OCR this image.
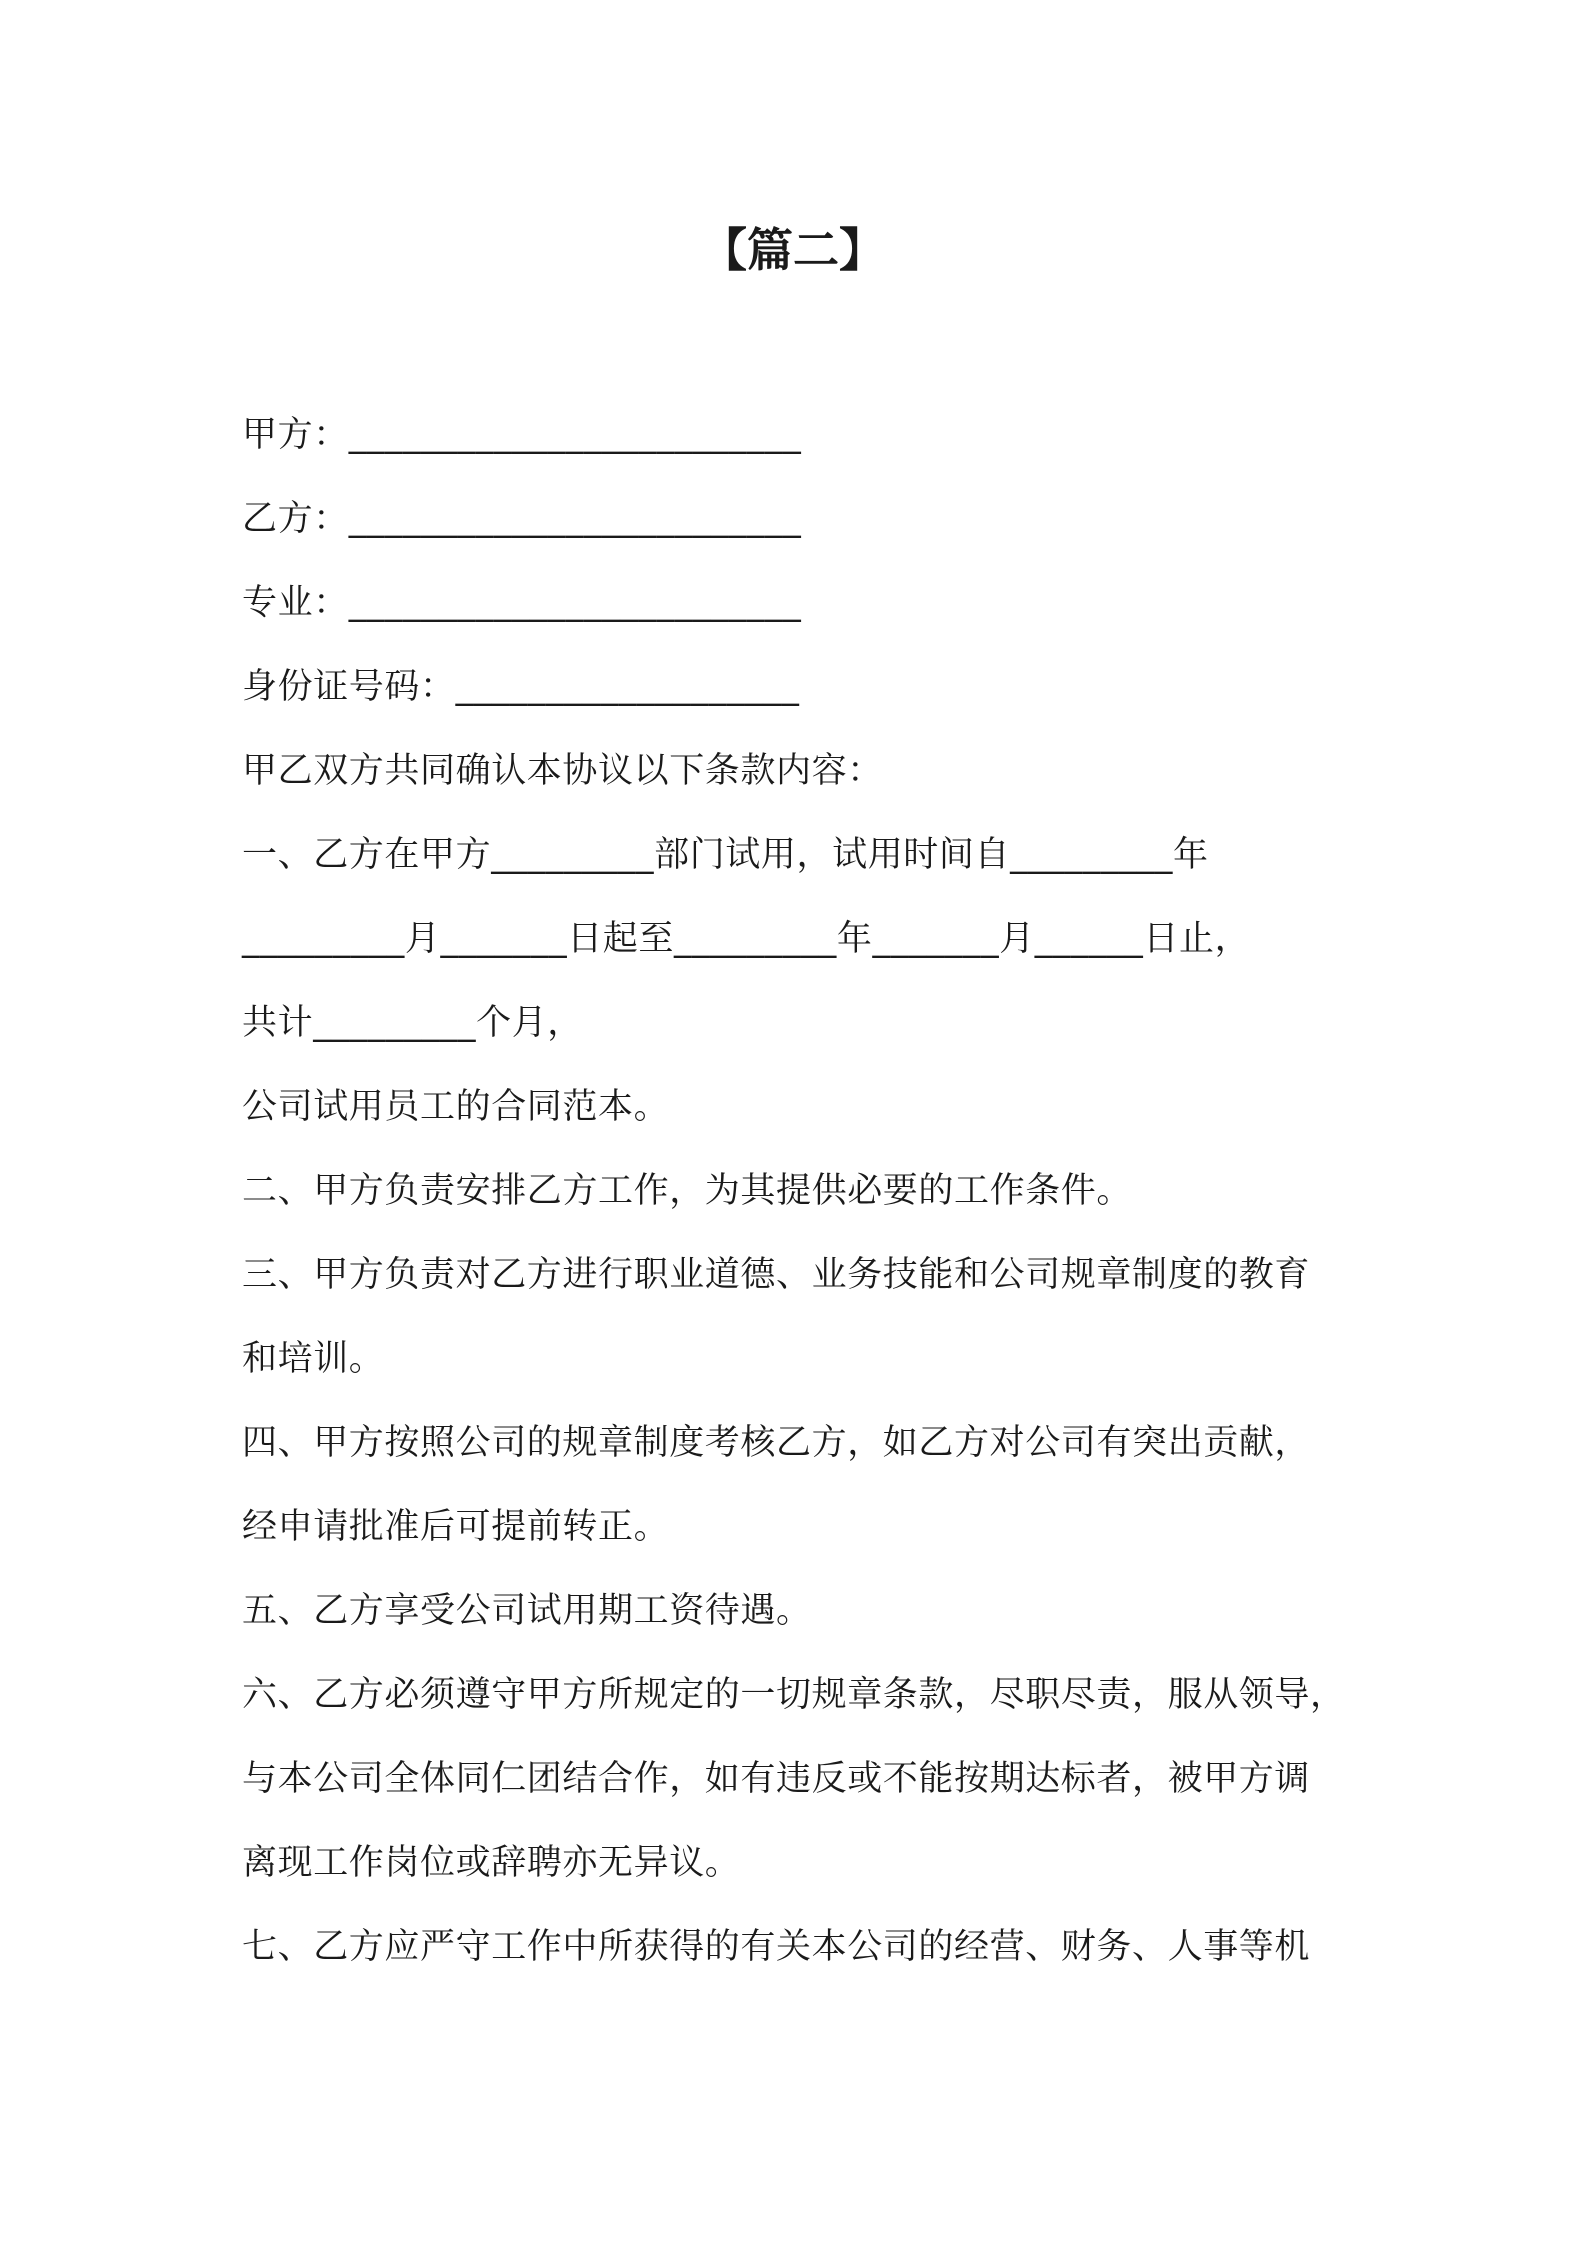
【篇二】
甲方：_________________________
乙方：_________________________
专业：_________________________
身份证号码：___________________
甲乙双方共同确认本协议以下条款内容：
一、乙方在甲方_________部门试用，试用时间自_________年
_________月_______日起至_________年_______月______日止，
共计_________个月，
公司试用员工的合同范本。
二、甲方负责安排乙方工作，为其提供必要的工作条件。
三、甲方负责对乙方进行职业道德、业务技能和公司规章制度的教育
和培训。
四、甲方按照公司的规章制度考核乙方，如乙方对公司有突出贡献，
经申请批准后可提前转正。
五、乙方享受公司试用期工资待遇。
六、乙方必须遵守甲方所规定的一切规章条款，尽职尽责，服从领导，
与本公司全体同仁团结合作，如有违反或不能按期达标者，被甲方调
离现工作岗位或辞聘亦无异议。
七、乙方应严守工作中所获得的有关本公司的经营、财务、人事等机
